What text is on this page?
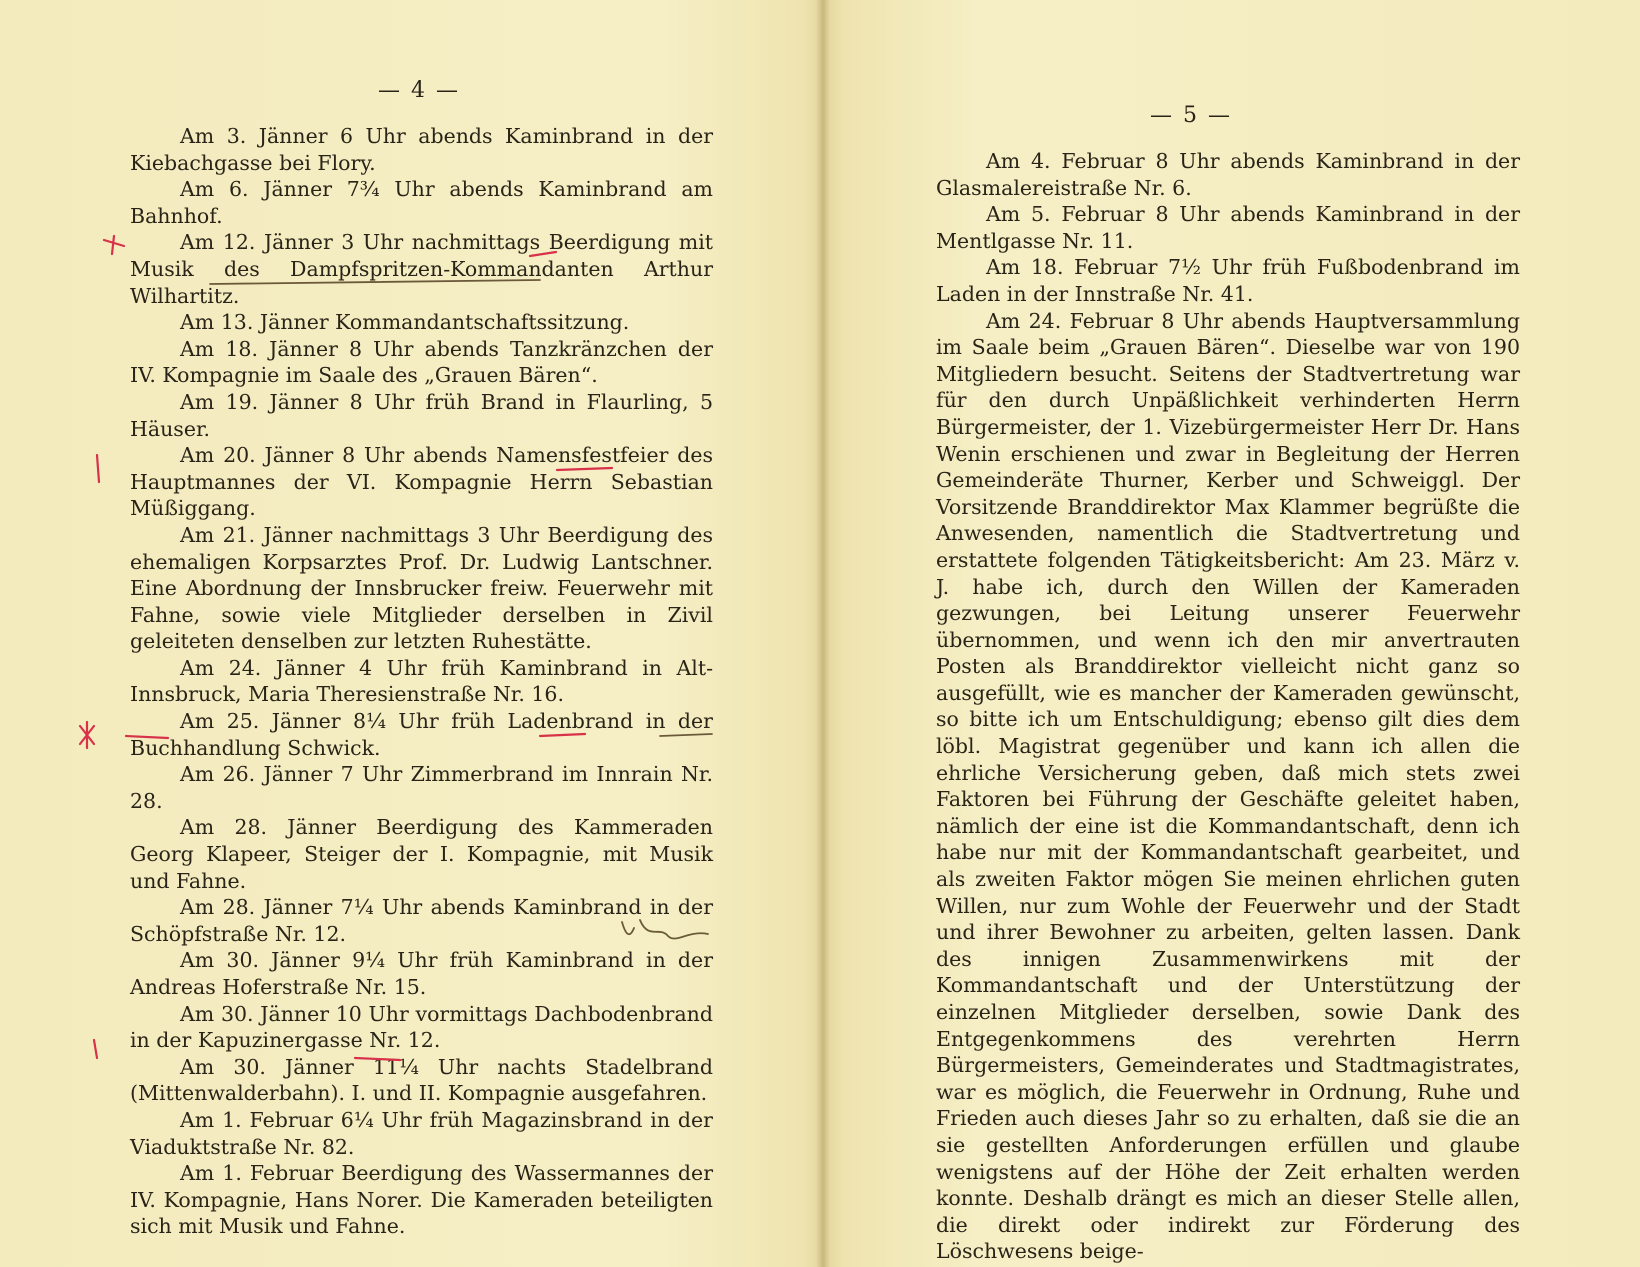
— 4 —

Am 3. Jänner 6 Uhr abends Kaminbrand in der Kiebachgasse bei Flory.

Am 6. Jänner 7¾ Uhr abends Kaminbrand am Bahnhof.

Am 12. Jänner 3 Uhr nachmittags Beerdigung mit Musik des Dampfspritzen-Kommandanten Arthur Wilhartitz.

Am 13. Jänner Kommandantschaftssitzung.

Am 18. Jänner 8 Uhr abends Tanzkränzchen der IV. Kompagnie im Saale des „Grauen Bären“.

Am 19. Jänner 8 Uhr früh Brand in Flaurling, 5 Häuser.

Am 20. Jänner 8 Uhr abends Namensfestfeier des Hauptmannes der VI. Kompagnie Herrn Sebastian Müßiggang.

Am 21. Jänner nachmittags 3 Uhr Beerdigung des ehemaligen Korpsarztes Prof. Dr. Ludwig Lantschner. Eine Abordnung der Innsbrucker freiw. Feuerwehr mit Fahne, sowie viele Mitglieder derselben in Zivil geleiteten denselben zur letzten Ruhestätte.

Am 24. Jänner 4 Uhr früh Kaminbrand in Alt-Innsbruck, Maria Theresienstraße Nr. 16.

Am 25. Jänner 8¼ Uhr früh Ladenbrand in der Buchhandlung Schwick.

Am 26. Jänner 7 Uhr Zimmerbrand im Innrain Nr. 28.

Am 28. Jänner Beerdigung des Kammeraden Georg Klapeer, Steiger der I. Kompagnie, mit Musik und Fahne.

Am 28. Jänner 7¼ Uhr abends Kaminbrand in der Schöpfstraße Nr. 12.

Am 30. Jänner 9¼ Uhr früh Kaminbrand in der Andreas Hoferstraße Nr. 15.

Am 30. Jänner 10 Uhr vormittags Dachbodenbrand in der Kapuzinergasse Nr. 12.

Am 30. Jänner 11¼ Uhr nachts Stadelbrand (Mittenwalderbahn). I. und II. Kompagnie ausgefahren.

Am 1. Februar 6¼ Uhr früh Magazinsbrand in der Viaduktstraße Nr. 82.

Am 1. Februar Beerdigung des Wassermannes der IV. Kompagnie, Hans Norer. Die Kameraden beteiligten sich mit Musik und Fahne.

— 5 —

Am 4. Februar 8 Uhr abends Kaminbrand in der Glasmalereistraße Nr. 6.

Am 5. Februar 8 Uhr abends Kaminbrand in der Mentlgasse Nr. 11.

Am 18. Februar 7½ Uhr früh Fußbodenbrand im Laden in der Innstraße Nr. 41.

Am 24. Februar 8 Uhr abends Hauptversammlung im Saale beim „Grauen Bären“. Dieselbe war von 190 Mitgliedern besucht. Seitens der Stadtvertretung war für den durch Unpäßlichkeit verhinderten Herrn Bürgermeister, der 1. Vizebürgermeister Herr Dr. Hans Wenin erschienen und zwar in Begleitung der Herren Gemeinderäte Thurner, Kerber und Schweiggl. Der Vorsitzende Branddirektor Max Klammer begrüßte die Anwesenden, namentlich die Stadtvertretung und erstattete folgenden Tätigkeitsbericht: Am 23. März v. J. habe ich, durch den Willen der Kameraden gezwungen, bei Leitung unserer Feuerwehr übernommen, und wenn ich den mir anvertrauten Posten als Branddirektor vielleicht nicht ganz so ausgefüllt, wie es mancher der Kameraden gewünscht, so bitte ich um Entschuldigung; ebenso gilt dies dem löbl. Magistrat gegenüber und kann ich allen die ehrliche Versicherung geben, daß mich stets zwei Faktoren bei Führung der Geschäfte geleitet haben, nämlich der eine ist die Kommandantschaft, denn ich habe nur mit der Kommandantschaft gearbeitet, und als zweiten Faktor mögen Sie meinen ehrlichen guten Willen, nur zum Wohle der Feuerwehr und der Stadt und ihrer Bewohner zu arbeiten, gelten lassen. Dank des innigen Zusammenwirkens mit der Kommandantschaft und der Unterstützung der einzelnen Mitglieder derselben, sowie Dank des Entgegenkommens des verehrten Herrn Bürgermeisters, Gemeinderates und Stadtmagistrates, war es möglich, die Feuerwehr in Ordnung, Ruhe und Frieden auch dieses Jahr so zu erhalten, daß sie die an sie gestellten Anforderungen erfüllen und glaube wenigstens auf der Höhe der Zeit erhalten werden konnte. Deshalb drängt es mich an dieser Stelle allen, die direkt oder indirekt zur Förderung des Löschwesens beige-
